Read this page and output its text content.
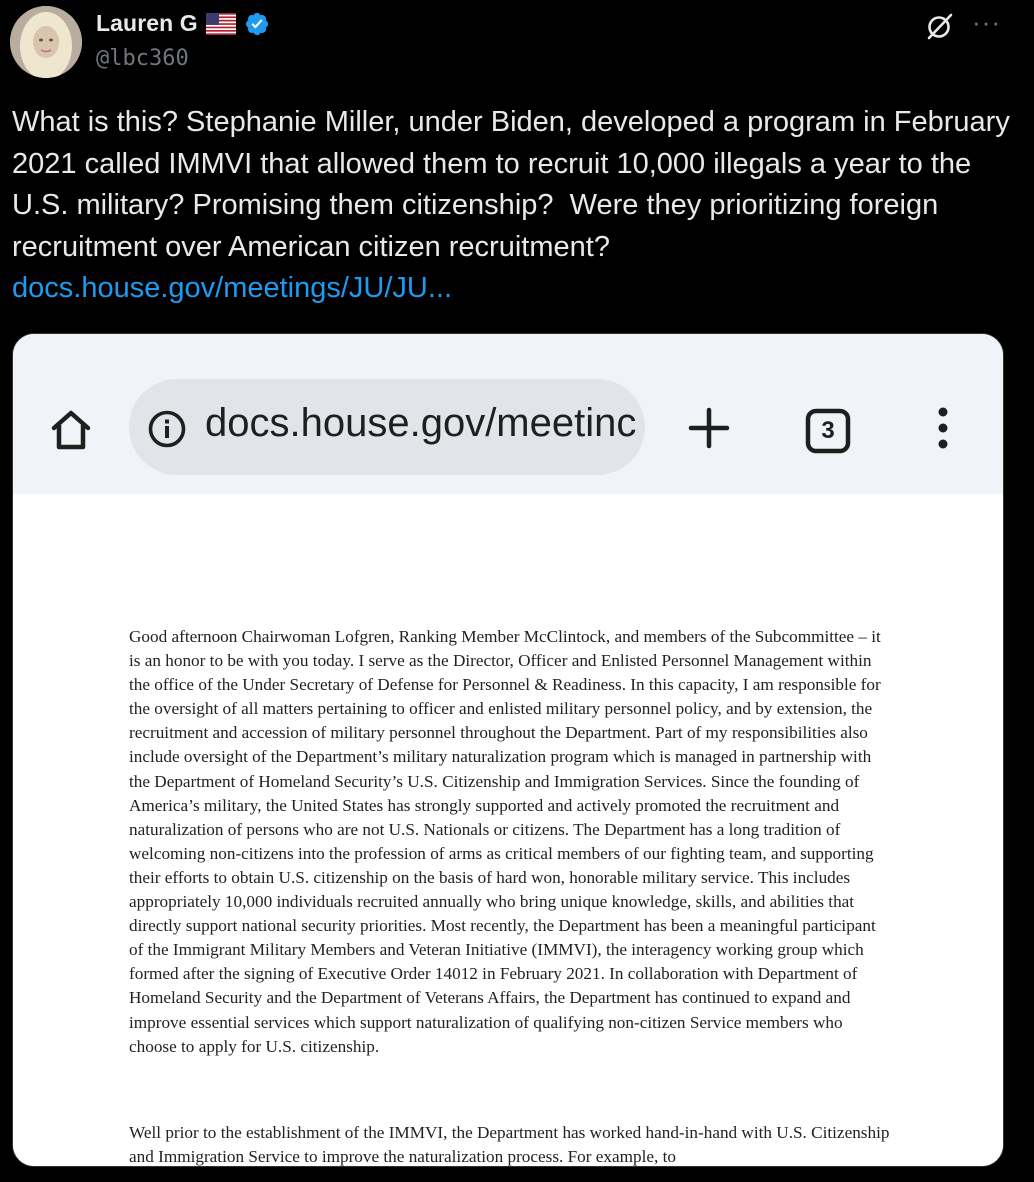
Lauren G
@lbc360
···
What is this? Stephanie Miller, under Biden, developed a program in February 2021 called IMMVI that allowed them to recruit 10,000 illegals a year to the U.S. military? Promising them citizenship?  Were they prioritizing foreign recruitment over American citizen recruitment? docs.house.gov/meetings/JU/JU...
docs.house.gov/meetinc	3

Good afternoon Chairwoman Lofgren, Ranking Member McClintock, and members of the Subcommittee – it is an honor to be with you today. I serve as the Director, Officer and Enlisted Personnel Management within the office of the Under Secretary of Defense for Personnel & Readiness. In this capacity, I am responsible for the oversight of all matters pertaining to officer and enlisted military personnel policy, and by extension, the recruitment and accession of military personnel throughout the Department. Part of my responsibilities also include oversight of the Department’s military naturalization program which is managed in partnership with the Department of Homeland Security’s U.S. Citizenship and Immigration Services. Since the founding of America’s military, the United States has strongly supported and actively promoted the recruitment and naturalization of persons who are not U.S. Nationals or citizens. The Department has a long tradition of welcoming non-citizens into the profession of arms as critical members of our fighting team, and supporting their efforts to obtain U.S. citizenship on the basis of hard won, honorable military service. This includes appropriately 10,000 individuals recruited annually who bring unique knowledge, skills, and abilities that directly support national security priorities. Most recently, the Department has been a meaningful participant of the Immigrant Military Members and Veteran Initiative (IMMVI), the interagency working group which formed after the signing of Executive Order 14012 in February 2021. In collaboration with Department of Homeland Security and the Department of Veterans Affairs, the Department has continued to expand and improve essential services which support naturalization of qualifying non-citizen Service members who choose to apply for U.S. citizenship.

Well prior to the establishment of the IMMVI, the Department has worked hand-in-hand with U.S. Citizenship and Immigration Service to improve the naturalization process. For example, to
